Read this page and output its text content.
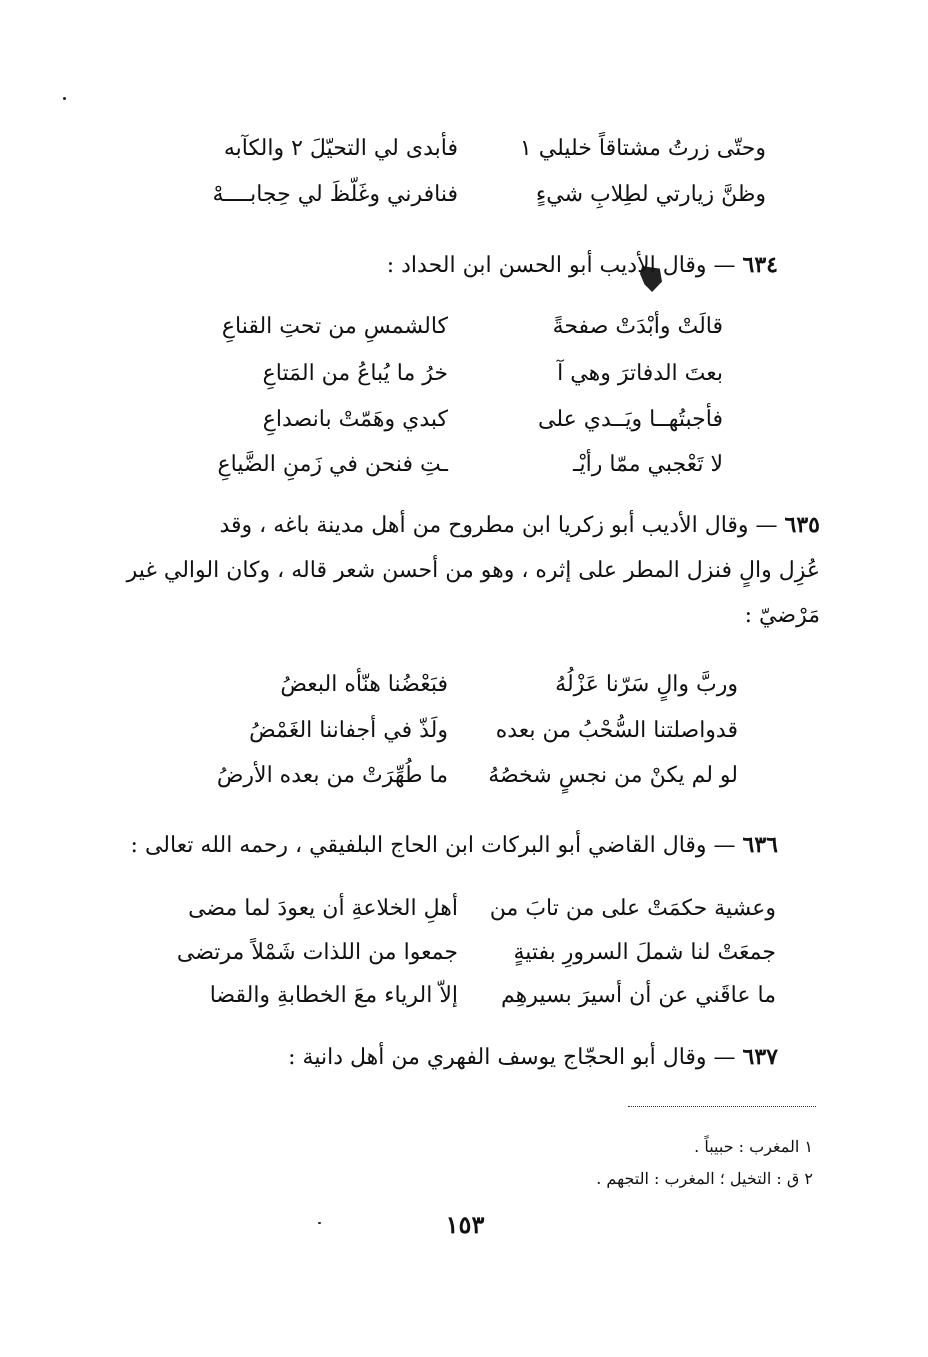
وحتّى زرتُ مشتاقاً خليلي ١
فأبدى لي التحيّلَ ٢ والكآبه
وظنَّ زيارتي لطِلابِ شيءٍ
فنافرني وغَلّظَ لي حِجابــــهْ
٦٣٤ — وقال الأديب أبو الحسن ابن الحداد :
قالَتْ وأبْدَتْ صفحةً
كالشمسِ من تحتِ القناعِ
بعتَ الدفاترَ وهي آ
خرُ ما يُباعُ من المَتاعِ
فأجبتُهــا ويَــدي على
كبدي وهَمّتْ بانصداعِ
لا تَعْجبي ممّا رأيْـ
ـتِ فنحن في زَمنِ الضَّياعِ
٦٣٥ — وقال الأديب أبو زكريا ابن مطروح من أهل مدينة باغه ، وقد
عُزِل والٍ فنزل المطر على إثره ، وهو من أحسن شعر قاله ، وكان الوالي غير
مَرْضيّ :
وربَّ والٍ سَرّنا عَزْلُهُ
فبَعْضُنا هنّأه البعضُ
قدواصلتنا السُّحْبُ من بعده
ولَذّ في أجفاننا الغَمْضُ
لو لم يكنْ من نجسٍ شخصُهُ
ما طُهِّرَتْ من بعده الأرضُ
٦٣٦ — وقال القاضي أبو البركات ابن الحاج البلفيقي ، رحمه الله تعالى :
وعشية حكمَتْ على من تابَ من
أهلِ الخلاعةِ أن يعودَ لما مضى
جمعَتْ لنا شملَ السرورِ بفتيةٍ
جمعوا من اللذات شَمْلاً مرتضى
ما عاقَني عن أن أسيرَ بسيرهِم
إلاّ الرياء معَ الخطابةِ والقضا
٦٣٧ — وقال أبو الحجّاج يوسف الفهري من أهل دانية :
١ المغرب : حبيباً .
٢ ق : التخيل ؛ المغرب : التجهم .
١٥٣
